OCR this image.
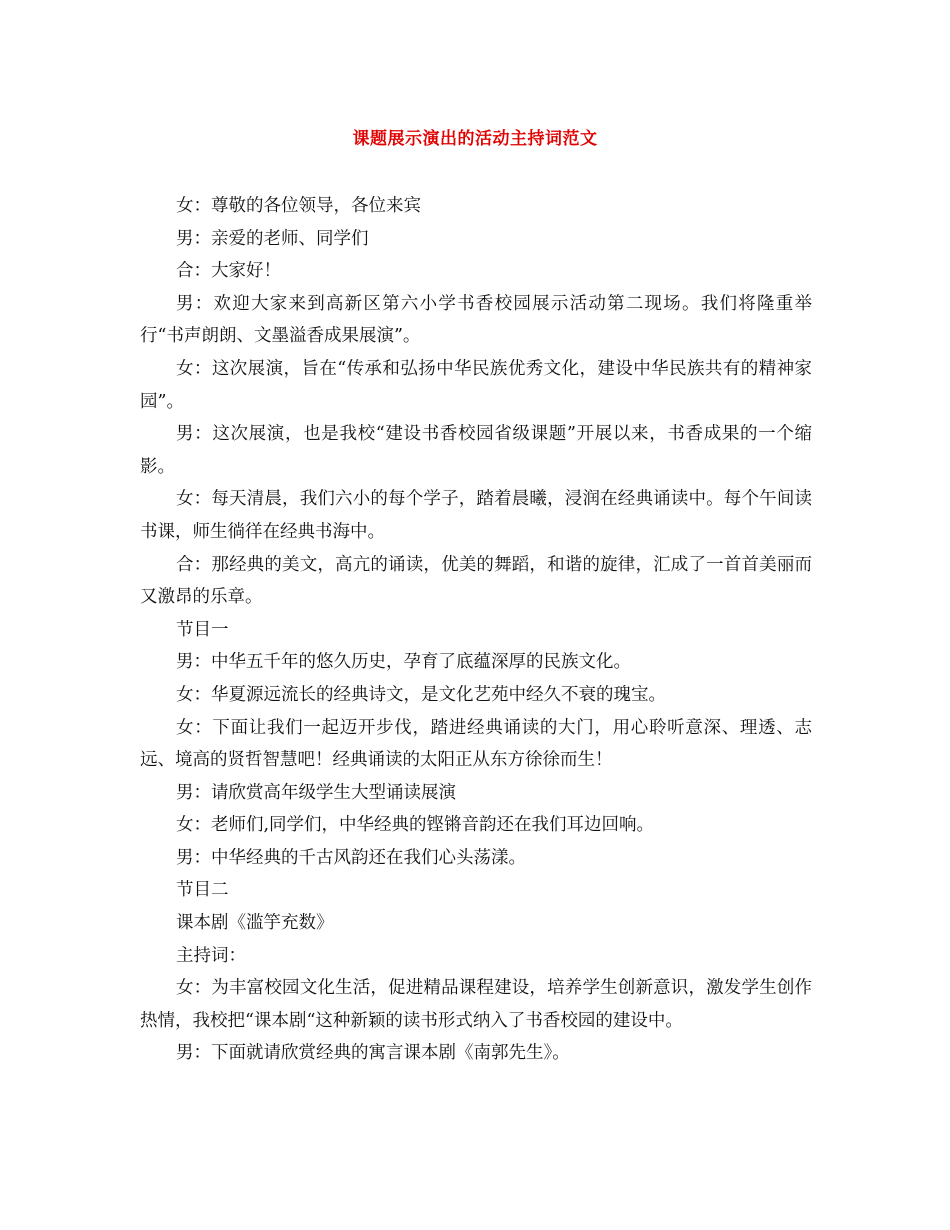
课题展示演出的活动主持词范文

女：尊敬的各位领导，各位来宾

男：亲爱的老师、同学们

合：大家好！

男：欢迎大家来到高新区第六小学书香校园展示活动第二现场。我们将隆重举行“书声朗朗、文墨溢香成果展演”。

女：这次展演，旨在“传承和弘扬中华民族优秀文化，建设中华民族共有的精神家园”。

男：这次展演，也是我校“建设书香校园省级课题”开展以来，书香成果的一个缩影。

女：每天清晨，我们六小的每个学子，踏着晨曦，浸润在经典诵读中。每个午间读书课，师生徜徉在经典书海中。

合：那经典的美文，高亢的诵读，优美的舞蹈，和谐的旋律，汇成了一首首美丽而又激昂的乐章。

节目一

男：中华五千年的悠久历史，孕育了底蕴深厚的民族文化。

女：华夏源远流长的经典诗文，是文化艺苑中经久不衰的瑰宝。

女：下面让我们一起迈开步伐，踏进经典诵读的大门，用心聆听意深、理透、志远、境高的贤哲智慧吧！经典诵读的太阳正从东方徐徐而生！

男：请欣赏高年级学生大型诵读展演

女：老师们,同学们，中华经典的铿锵音韵还在我们耳边回响。

男：中华经典的千古风韵还在我们心头荡漾。

节目二

课本剧《滥竽充数》

主持词：

女：为丰富校园文化生活，促进精品课程建设，培养学生创新意识，激发学生创作热情，我校把“课本剧“这种新颖的读书形式纳入了书香校园的建设中。

男：下面就请欣赏经典的寓言课本剧《南郭先生》。
